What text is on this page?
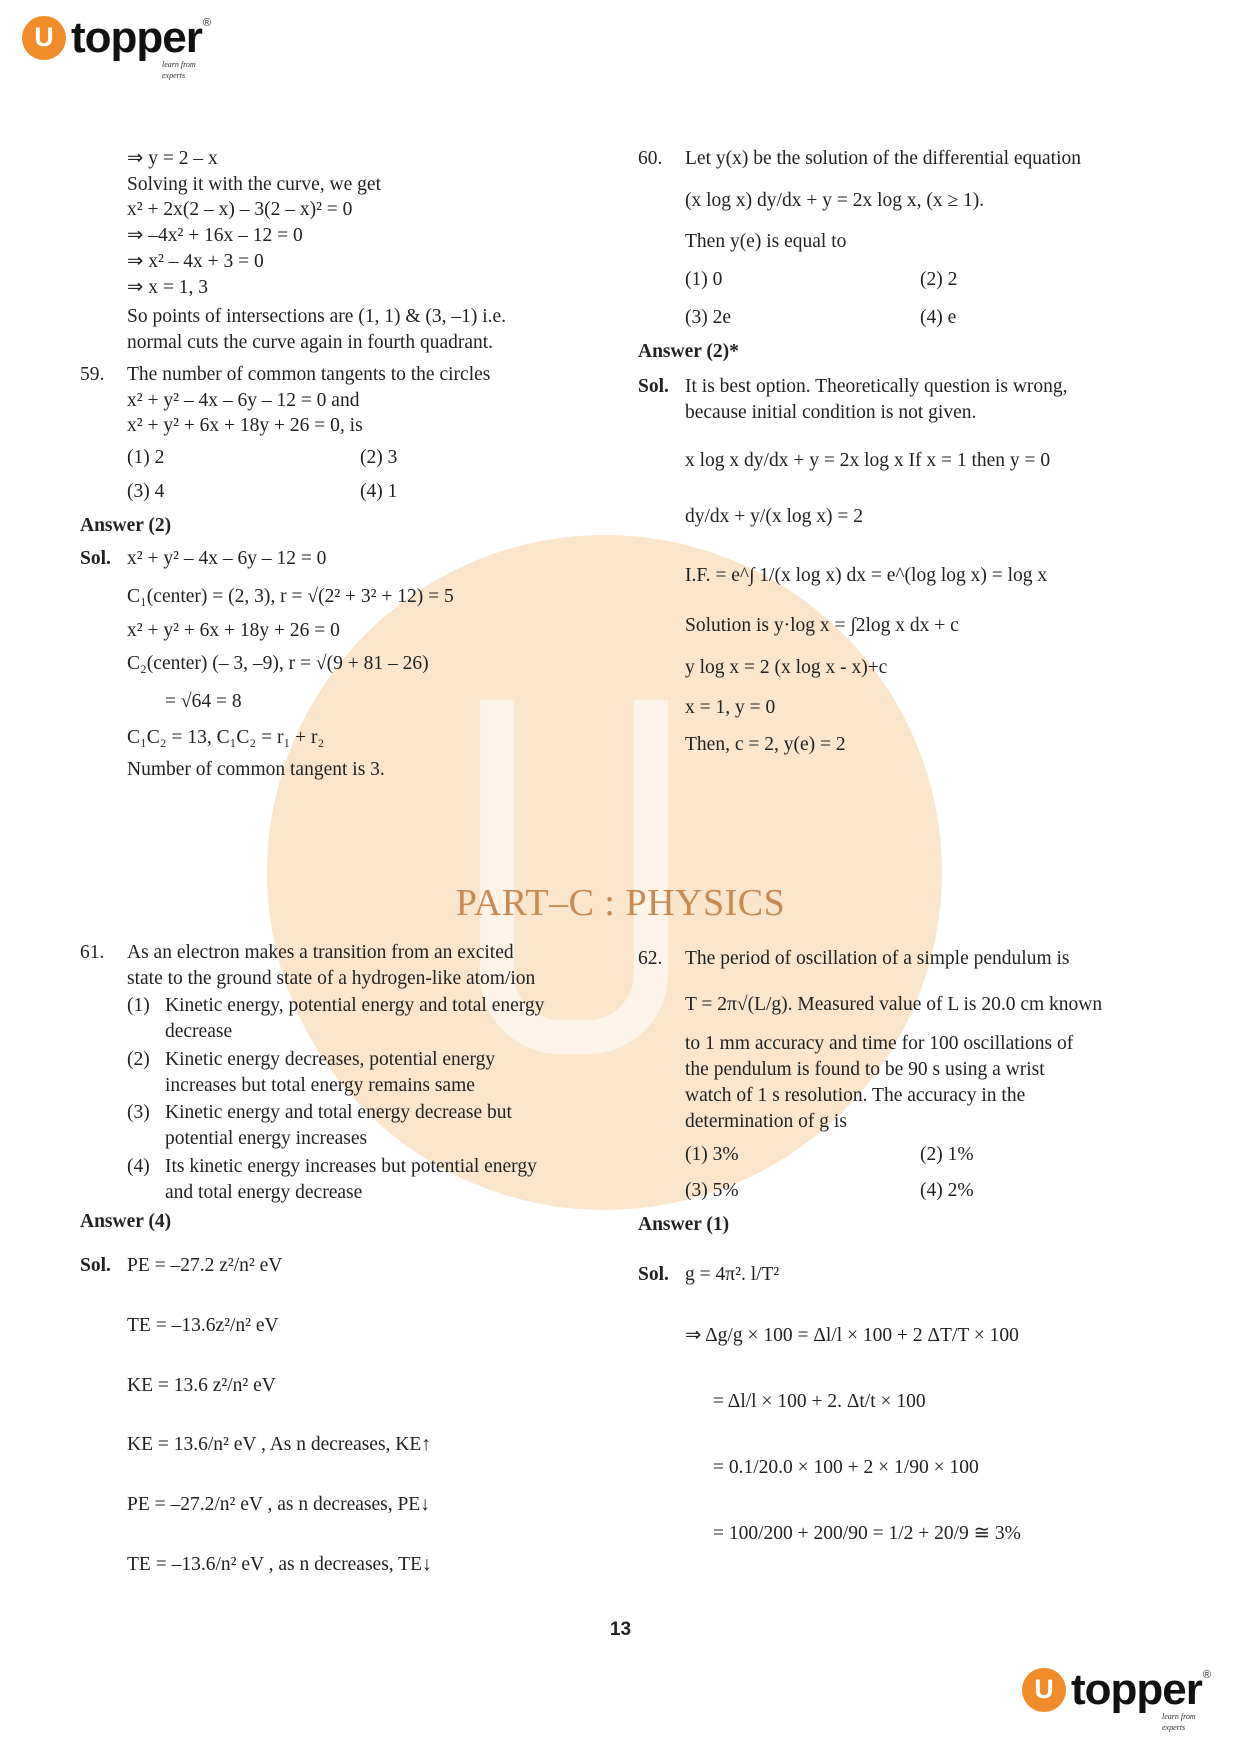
U topper ®
learn from experts
⇒ y = 2 – x
Solving it with the curve, we get
x² + 2x(2 – x) – 3(2 – x)² = 0
⇒ –4x² + 16x – 12 = 0
⇒ x² – 4x + 3 = 0
⇒ x = 1, 3
So points of intersections are (1, 1) & (3, –1) i.e.
normal cuts the curve again in fourth quadrant.
59. The number of common tangents to the circles
x² + y² – 4x – 6y – 12 = 0 and
x² + y² + 6x + 18y + 26 = 0, is
(1) 2	(2) 3
(3) 4	(4) 1
Answer (2)
Sol. x² + y² – 4x – 6y – 12 = 0
C₁(center) = (2, 3), r = √(2² + 3² + 12) = 5
x² + y² + 6x + 18y + 26 = 0
C₂(center) (– 3, –9), r = √(9 + 81 – 26)
= √64 = 8
C₁C₂ = 13, C₁C₂ = r₁ + r₂
Number of common tangent is 3.
60. Let y(x) be the solution of the differential equation
(x log x) dy/dx + y = 2x log x, (x ≥ 1).
Then y(e) is equal to
(1) 0	(2) 2
(3) 2e	(4) e
Answer (2)*
Sol. It is best option. Theoretically question is wrong,
because initial condition is not given.
x log x dy/dx + y = 2x log x If x = 1 then y = 0
dy/dx + y/(x log x) = 2
I.F. = e^∫ 1/(x log x) dx = e^(log log x) = log x
Solution is y·log x = ∫2log x dx + c
y log x = 2 (x log x - x)+c
x = 1, y = 0
Then, c = 2, y(e) = 2
PART–C : PHYSICS
61. As an electron makes a transition from an excited
state to the ground state of a hydrogen-like atom/ion
(1) Kinetic energy, potential energy and total energy
decrease
(2) Kinetic energy decreases, potential energy
increases but total energy remains same
(3) Kinetic energy and total energy decrease but
potential energy increases
(4) Its kinetic energy increases but potential energy
and total energy decrease
Answer (4)
Sol. PE = –27.2 z²/n² eV
TE = –13.6z²/n² eV
KE = 13.6 z²/n² eV
KE = 13.6/n² eV , As n decreases, KE↑
PE = –27.2/n² eV , as n decreases, PE↓
TE = –13.6/n² eV , as n decreases, TE↓
62. The period of oscillation of a simple pendulum is
T = 2π√(L/g). Measured value of L is 20.0 cm known
to 1 mm accuracy and time for 100 oscillations of
the pendulum is found to be 90 s using a wrist
watch of 1 s resolution. The accuracy in the
determination of g is
(1) 3%	(2) 1%
(3) 5%	(4) 2%
Answer (1)
Sol. g = 4π². l/T²
⇒ Δg/g × 100 = Δl/l × 100 + 2 ΔT/T × 100
= Δl/l × 100 + 2. Δt/t × 100
= 0.1/20.0 × 100 + 2 × 1/90 × 100
= 100/200 + 200/90 = 1/2 + 20/9 ≅ 3%
13
U topper ®
learn from experts
